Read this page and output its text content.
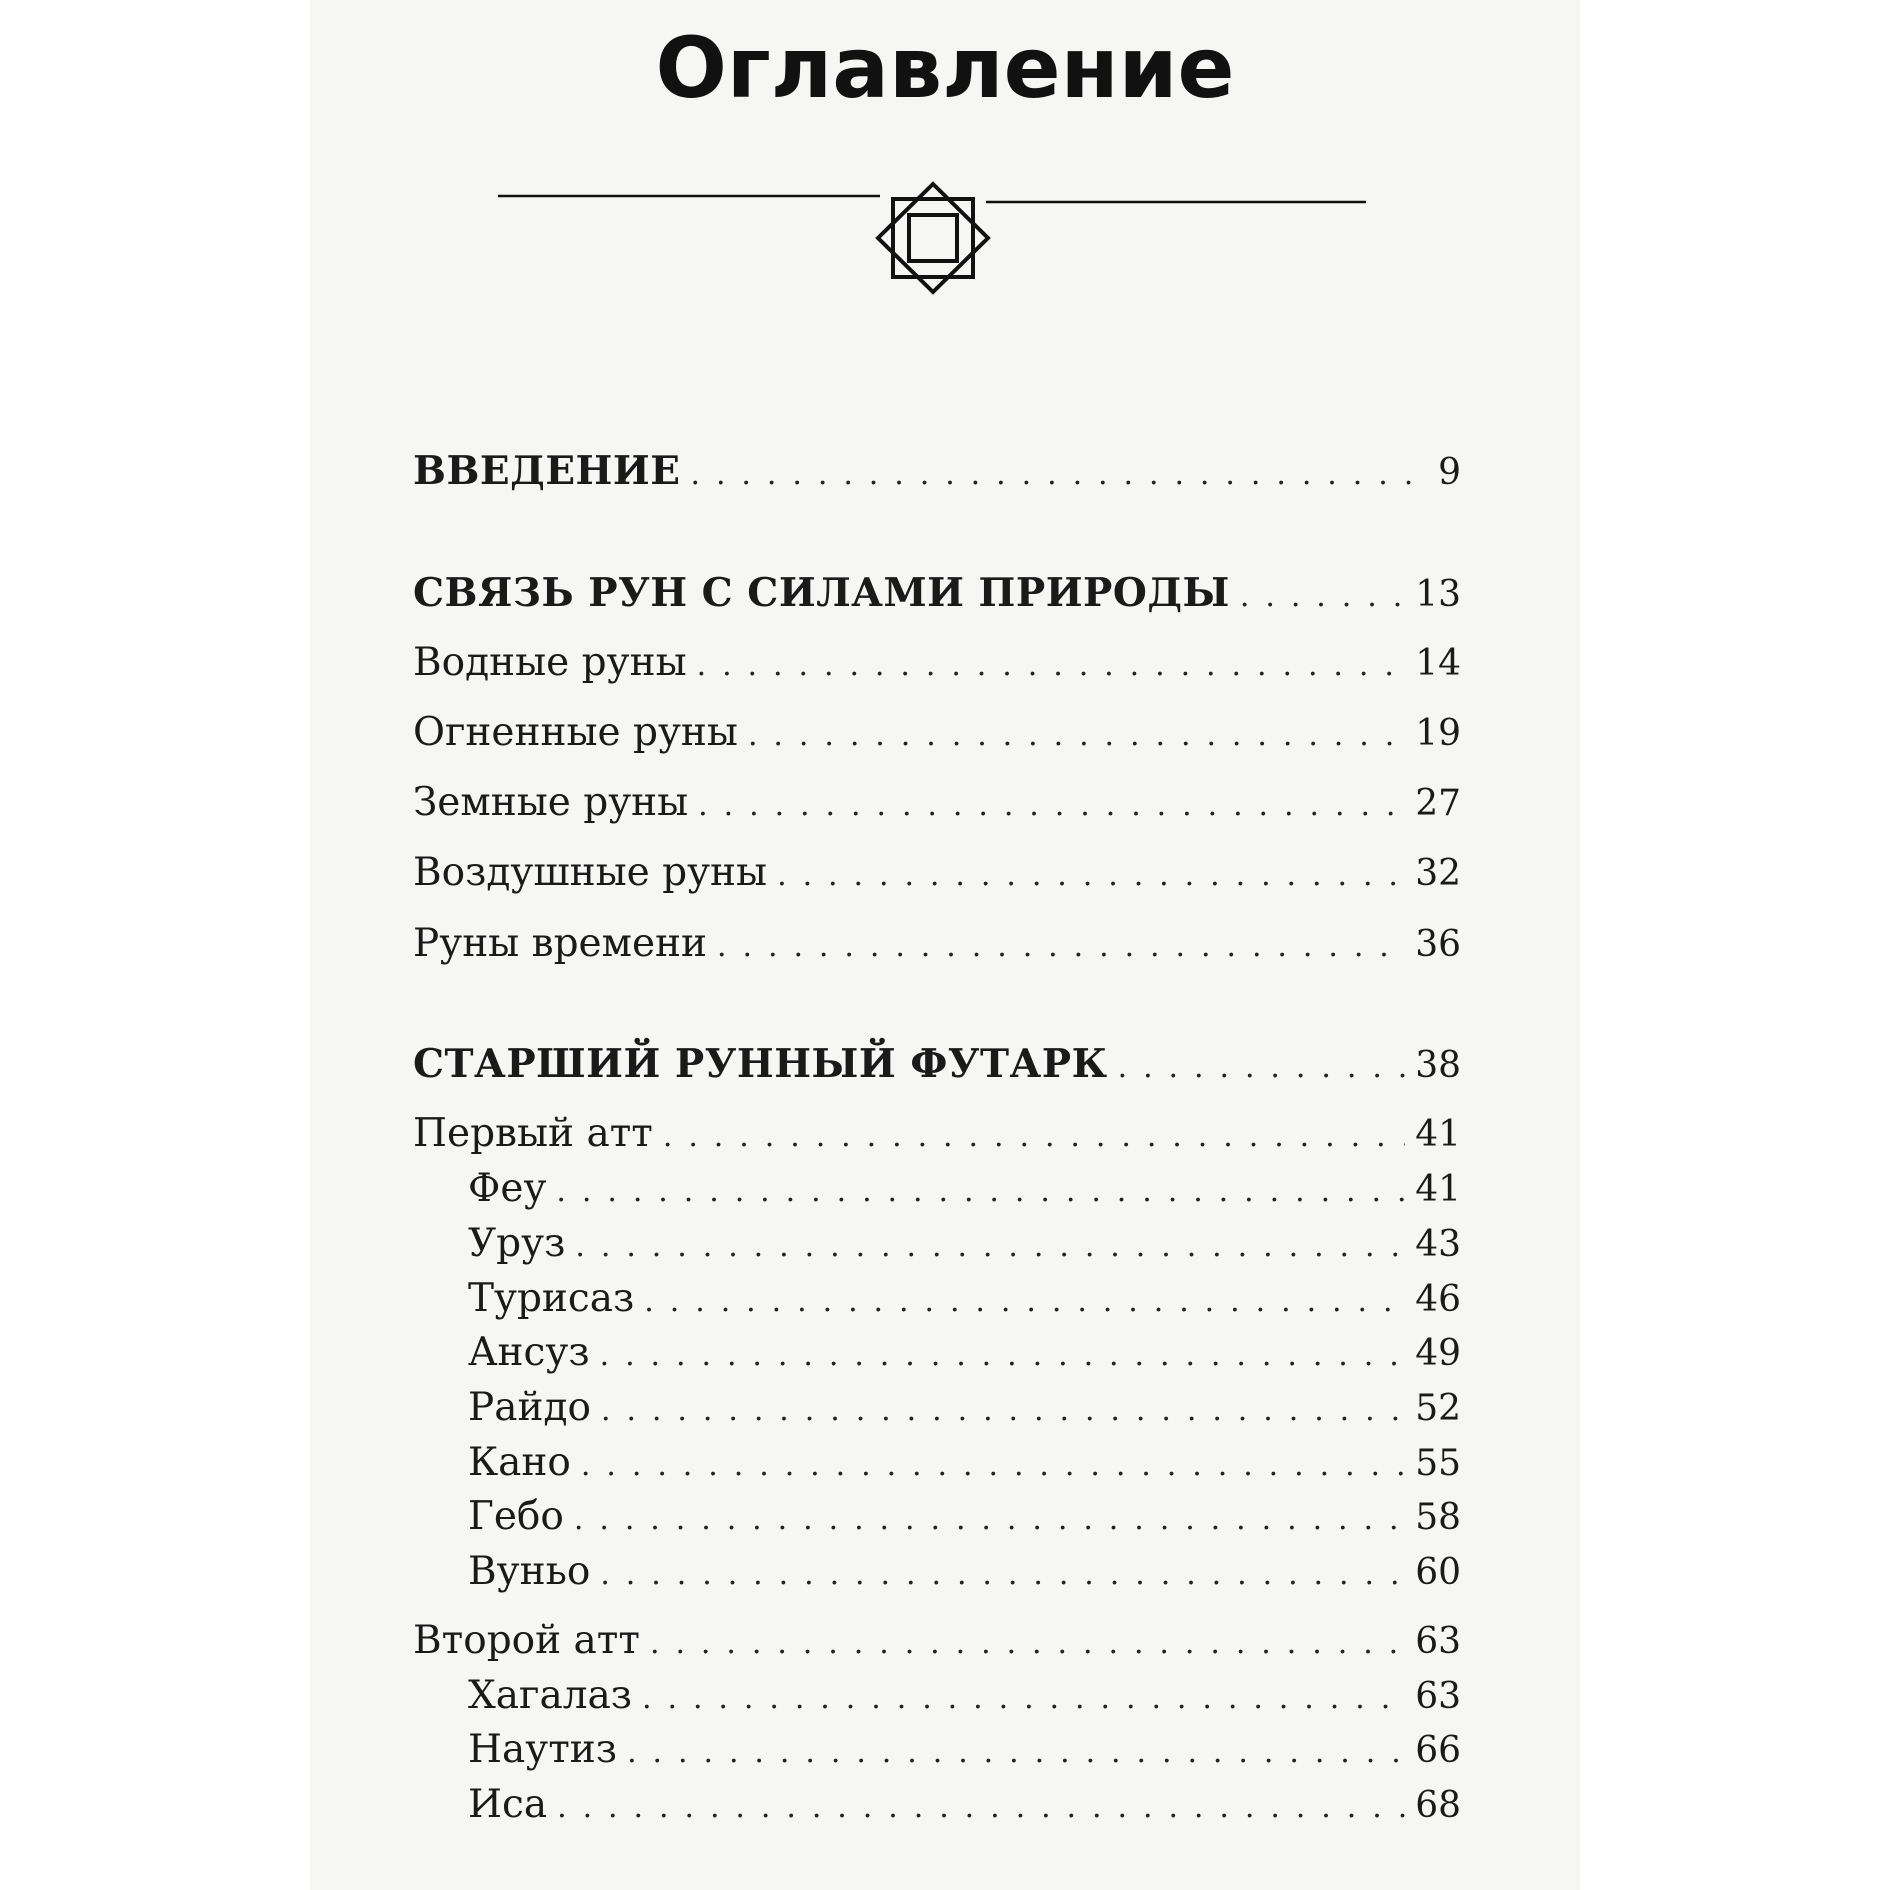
Оглавление
ВВЕДЕНИЕ . . .	9
СВЯЗЬ РУН С СИЛАМИ ПРИРОДЫ . . .	13
Водные руны . . .	14
Огненные руны . . .	19
Земные руны . . .	27
Воздушные руны . . .	32
Руны времени . . .	36
СТАРШИЙ РУННЫЙ ФУТАРК . . .	38
Первый атт . . .	41
Феу . . .	41
Уруз . . .	43
Турисаз . . .	46
Ансуз . . .	49
Райдо . . .	52
Кано . . .	55
Гебо . . .	58
Вуньо . . .	60
Второй атт . . .	63
Хагалаз . . .	63
Наутиз . . .	66
Иса . . .	68
